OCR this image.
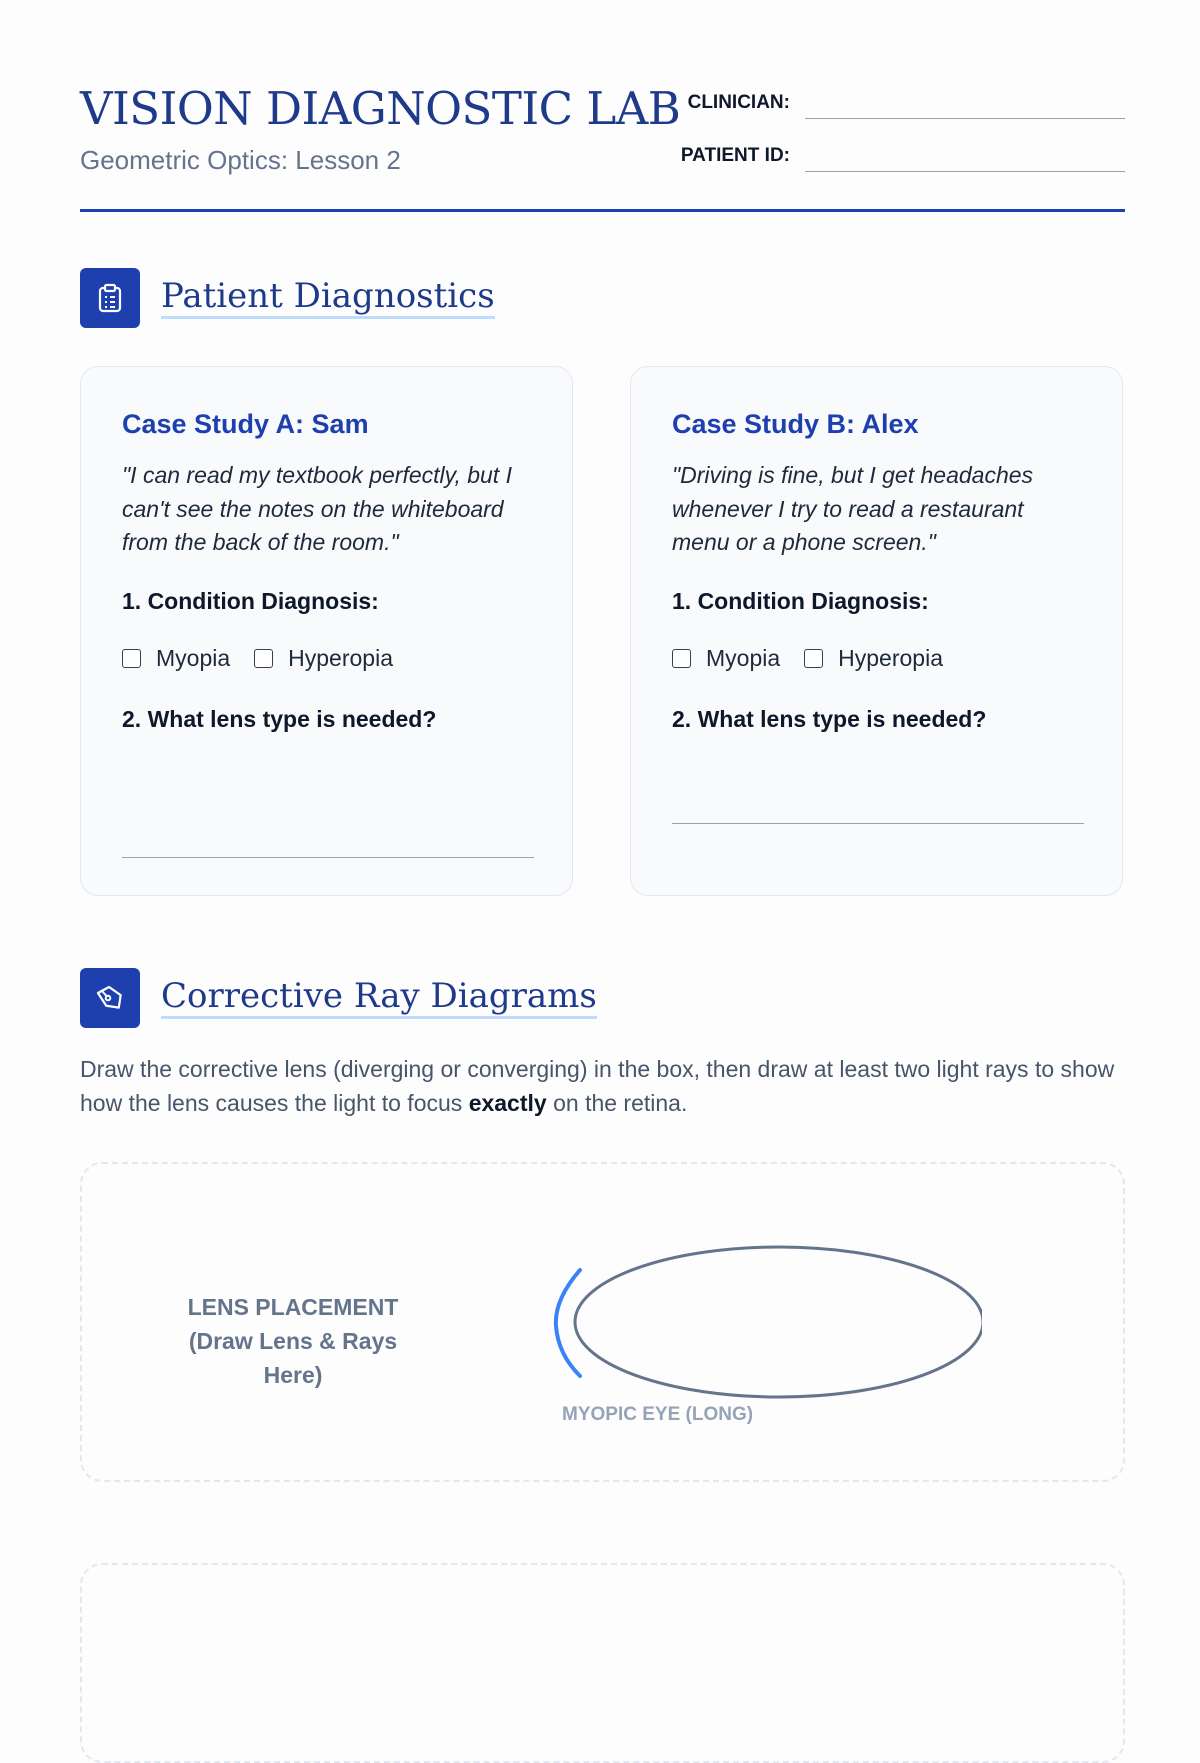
VISION DIAGNOSTIC LAB
Geometric Optics: Lesson 2
CLINICIAN:
PATIENT ID:
Patient Diagnostics
Case Study A: Sam
"I can read my textbook perfectly, but I can't see the notes on the whiteboard from the back of the room."
1. Condition Diagnosis:
Myopia	Hyperopia
2. What lens type is needed?
Case Study B: Alex
"Driving is fine, but I get headaches whenever I try to read a restaurant menu or a phone screen."
1. Condition Diagnosis:
Myopia	Hyperopia
2. What lens type is needed?
Corrective Ray Diagrams
Draw the corrective lens (diverging or converging) in the box, then draw at least two light rays to show how the lens causes the light to focus exactly on the retina.
LENS PLACEMENT
(Draw Lens & Rays Here)
MYOPIC EYE (LONG)
